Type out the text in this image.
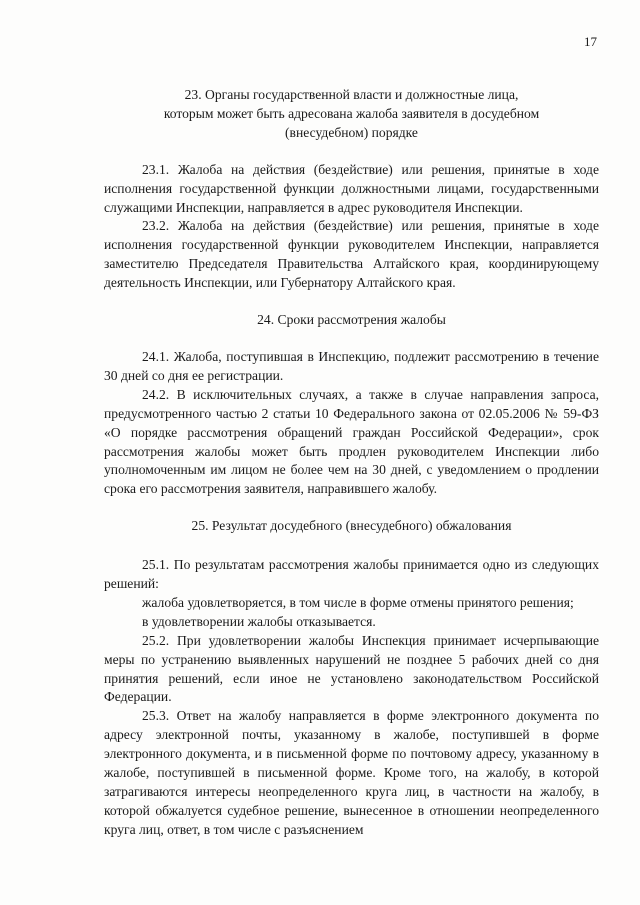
17
23. Органы государственной власти и должностные лица,
которым может быть адресована жалоба заявителя в досудебном
(внесудебном) порядке

23.1. Жалоба на действия (бездействие) или решения, принятые в ходе исполнения государственной функции должностными лицами, государственными служащими Инспекции, направляется в адрес руководителя Инспекции.

23.2. Жалоба на действия (бездействие) или решения, принятые в ходе исполнения государственной функции руководителем Инспекции, направляется заместителю Председателя Правительства Алтайского края, координирующему деятельность Инспекции, или Губернатору Алтайского края.

24. Сроки рассмотрения жалобы

24.1. Жалоба, поступившая в Инспекцию, подлежит рассмотрению в течение 30 дней со дня ее регистрации.

24.2. В исключительных случаях, а также в случае направления запроса, предусмотренного частью 2 статьи 10 Федерального закона от 02.05.2006 № 59-ФЗ «О порядке рассмотрения обращений граждан Российской Федерации», срок рассмотрения жалобы может быть продлен руководителем Инспекции либо уполномоченным им лицом не более чем на 30 дней, с уведомлением о продлении срока его рассмотрения заявителя, направившего жалобу.

25. Результат досудебного (внесудебного) обжалования

25.1. По результатам рассмотрения жалобы принимается одно из следующих решений:

жалоба удовлетворяется, в том числе в форме отмены принятого решения;

в удовлетворении жалобы отказывается.

25.2. При удовлетворении жалобы Инспекция принимает исчерпывающие меры по устранению выявленных нарушений не позднее 5 рабочих дней со дня принятия решений, если иное не установлено законодательством Российской Федерации.

25.3. Ответ на жалобу направляется в форме электронного документа по адресу электронной почты, указанному в жалобе, поступившей в форме электронного документа, и в письменной форме по почтовому адресу, указанному в жалобе, поступившей в письменной форме. Кроме того, на жалобу, в которой затрагиваются интересы неопределенного круга лиц, в частности на жалобу, в которой обжалуется судебное решение, вынесенное в отношении неопределенного круга лиц, ответ, в том числе с разъяснением
